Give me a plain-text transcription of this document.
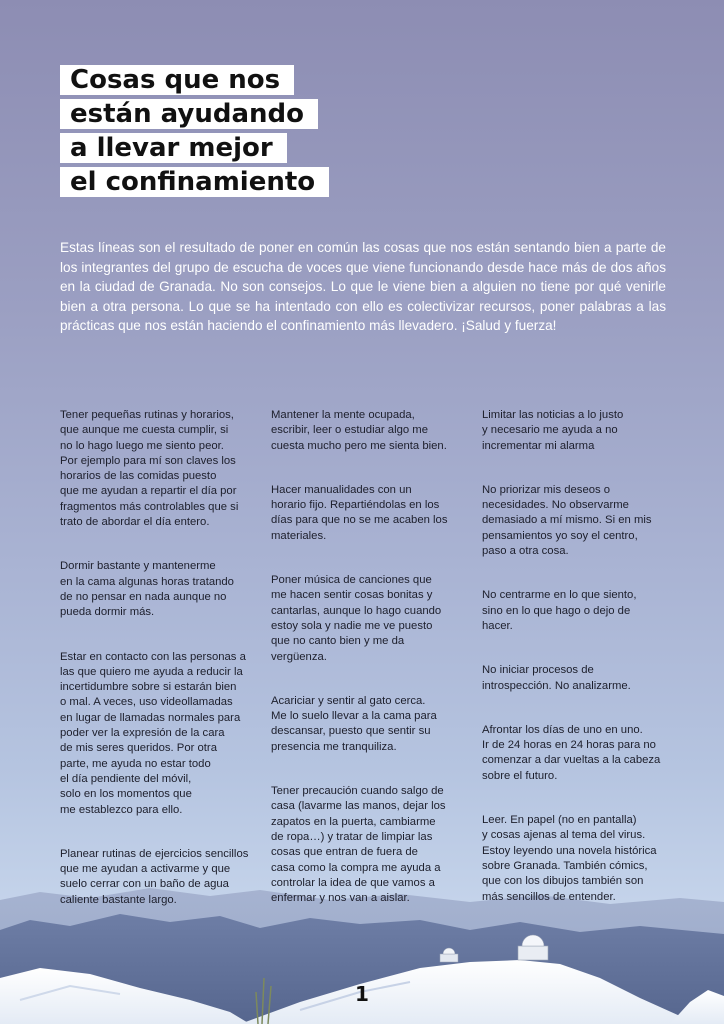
Cosas que nos
están ayudando
a llevar mejor
el confinamiento

Estas líneas son el resultado de poner en común las cosas que nos están sentando bien a parte de los integrantes del grupo de escucha de voces que viene funcionando desde hace más de dos años en la ciudad de Granada. No son consejos. Lo que le viene bien a alguien no tiene por qué venirle bien a otra persona. Lo que se ha intentado con ello es colectivizar recursos, poner palabras a las prácticas que nos están haciendo el confinamiento más llevadero. ¡Salud y fuerza!

Tener pequeñas rutinas y horarios,
que aunque me cuesta cumplir, si
no lo hago luego me siento peor.
Por ejemplo para mí son claves los
horarios de las comidas puesto
que me ayudan a repartir el día por
fragmentos más controlables que si
trato de abordar el día entero.

Dormir bastante y mantenerme
en la cama algunas horas tratando
de no pensar en nada aunque no
pueda dormir más.

Estar en contacto con las personas a
las que quiero me ayuda a reducir la
incertidumbre sobre si estarán bien
o mal. A veces, uso videollamadas
en lugar de llamadas normales para
poder ver la expresión de la cara
de mis seres queridos. Por otra
parte, me ayuda no estar todo
el día pendiente del móvil,
solo en los momentos que
me establezco para ello.

Planear rutinas de ejercicios sencillos
que me ayudan a activarme y que
suelo cerrar con un baño de agua
caliente bastante largo.

Mantener la mente ocupada,
escribir, leer o estudiar algo me
cuesta mucho pero me sienta bien.

Hacer manualidades con un
horario fijo. Repartiéndolas en los
días para que no se me acaben los
materiales.

Poner música de canciones que
me hacen sentir cosas bonitas y
cantarlas, aunque lo hago cuando
estoy sola y nadie me ve puesto
que no canto bien y me da
vergüenza.

Acariciar y sentir al gato cerca.
Me lo suelo llevar a la cama para
descansar, puesto que sentir su
presencia me tranquiliza.

Tener precaución cuando salgo de
casa (lavarme las manos, dejar los
zapatos en la puerta, cambiarme
de ropa…) y tratar de limpiar las
cosas que entran de fuera de
casa como la compra me ayuda a
controlar la idea de que vamos a
enfermar y nos van a aislar.

Limitar las noticias a lo justo
y necesario me ayuda a no
incrementar mi alarma

No priorizar mis deseos o
necesidades. No observarme
demasiado a mí mismo. Si en mis
pensamientos yo soy el centro,
paso a otra cosa.

No centrarme en lo que siento,
sino en lo que hago o dejo de
hacer.

No iniciar procesos de
introspección. No analizarme.

Afrontar los días de uno en uno.
Ir de 24 horas en 24 horas para no
comenzar a dar vueltas a la cabeza
sobre el futuro.

Leer. En papel (no en pantalla)
y cosas ajenas al tema del virus.
Estoy leyendo una novela histórica
sobre Granada. También cómics,
que con los dibujos también son
más sencillos de entender.

1
